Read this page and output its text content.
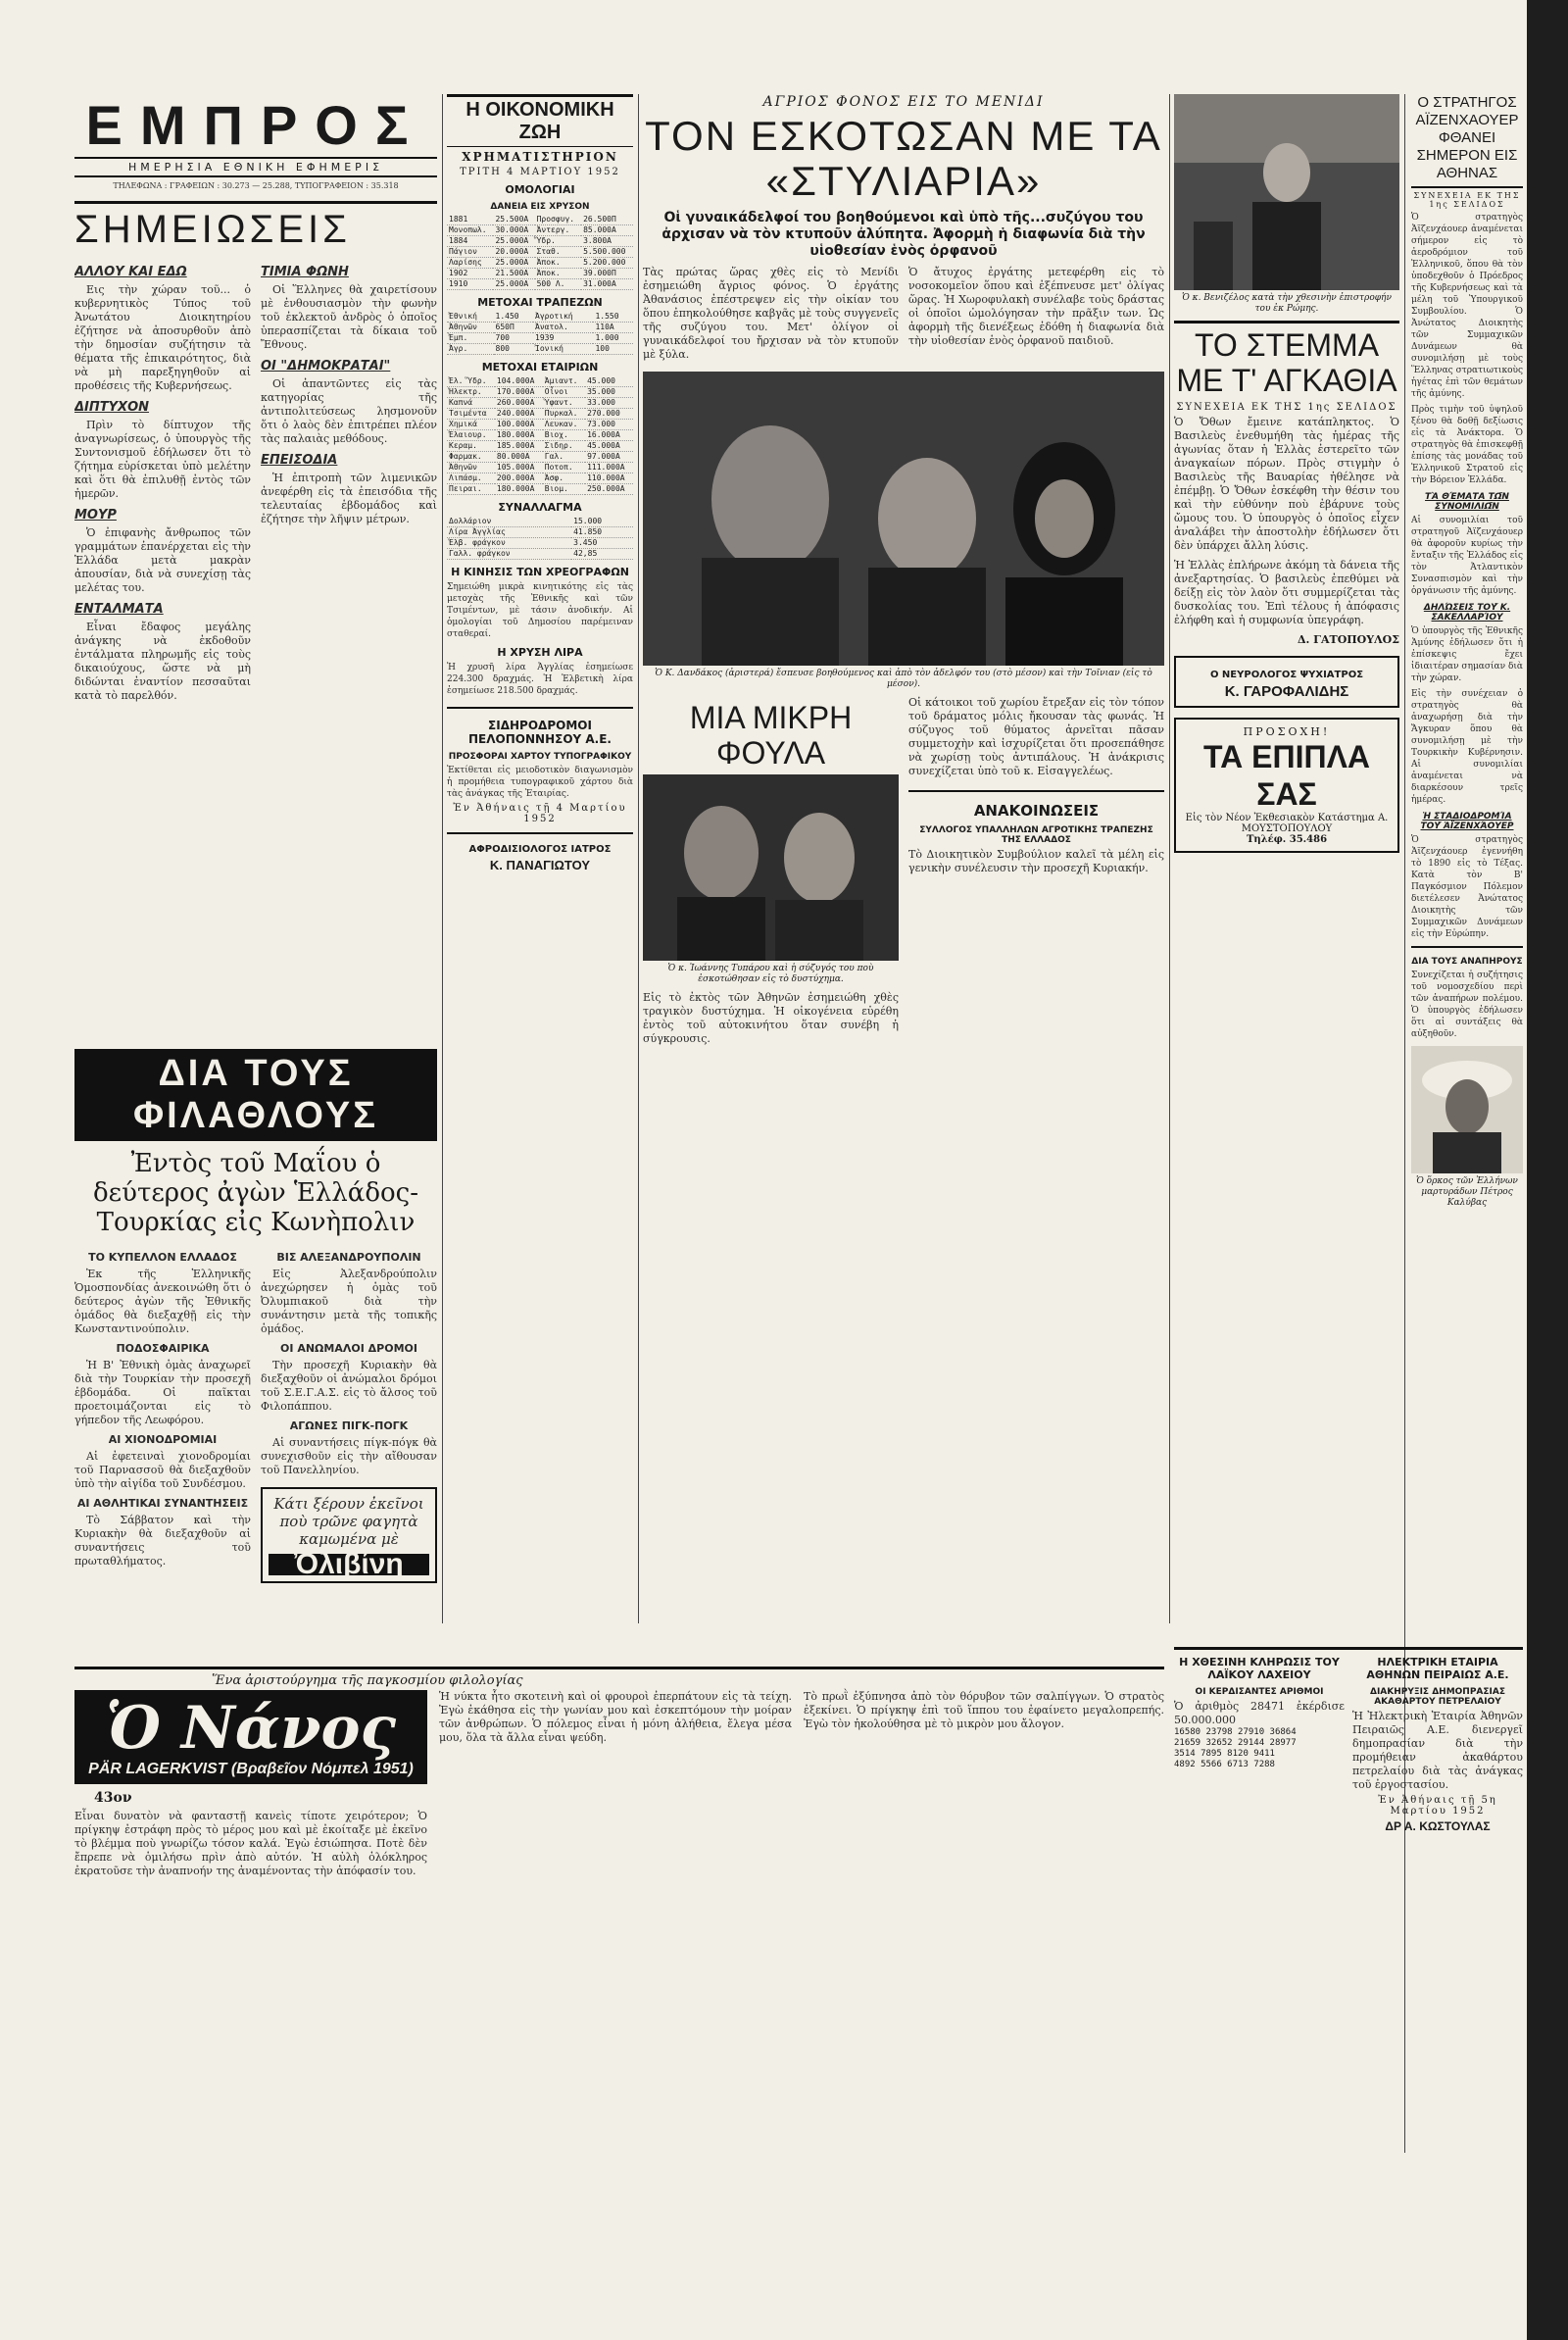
ΕΜΠΡΟΣ
ΗΜΕΡΗΣΙΑ ΕΘΝΙΚΗ ΕΦΗΜΕΡΙΣ
ΤΗΛΕΦΩΝΑ : ΓΡΑΦΕΙΩΝ : 30.273 — 25.288, ΤΥΠΟΓΡΑΦΕΙΟΝ : 35.318
ΣΗΜΕΙΩΣΕΙΣ
ΑΛΛΟΥ ΚΑΙ ΕΔΩ

Εις τὴν χώραν τοῦ... ὁ κυβερνητικὸς Τύπος τοῦ Ἀνωτάτου Διοικητηρίου ἐζήτησε νὰ ἀποσυρθοῦν ἀπὸ τὴν δημοσίαν συζήτησιν τὰ θέματα τῆς ἐπικαιρότητος, διὰ νὰ μὴ παρεξηγηθοῦν αἱ προθέσεις τῆς Κυβερνήσεως.

ΔΙΠΤΥΧΟΝ

Πρὶν τὸ δίπτυχον τῆς ἀναγνωρίσεως, ὁ ὑπουργὸς τῆς Συντονισμοῦ ἐδήλωσεν ὅτι τὸ ζήτημα εὑρίσκεται ὑπὸ μελέτην καὶ ὅτι θὰ ἐπιλυθῇ ἐντὸς τῶν ἡμερῶν.

ΜΟΥΡ

Ὁ ἐπιφανὴς ἄνθρωπος τῶν γραμμάτων ἐπανέρχεται εἰς τὴν Ἑλλάδα μετὰ μακρὰν ἀπουσίαν, διὰ νὰ συνεχίσῃ τὰς μελέτας του.

ΕΝΤΑΛΜΑΤΑ

Εἶναι ἔδαφος μεγάλης ἀνάγκης νὰ ἐκδοθοῦν ἐντάλματα πληρωμῆς εἰς τοὺς δικαιούχους, ὥστε νὰ μὴ διδώνται ἐναντίον πεσσαῦται κατὰ τὸ παρελθόν.

ΤΙΜΙΑ ΦΩΝΗ

Οἱ Ἕλληνες θὰ χαιρετίσουν μὲ ἐνθουσιασμὸν τὴν φωνὴν τοῦ ἐκλεκτοῦ ἀνδρὸς ὁ ὁποῖος ὑπερασπίζεται τὰ δίκαια τοῦ Ἔθνους.

ΟΙ "ΔΗΜΟΚΡΑΤΑΙ"

Οἱ ἀπαντῶντες εἰς τὰς κατηγορίας τῆς ἀντιπολιτεύσεως λησμονοῦν ὅτι ὁ λαὸς δὲν ἐπιτρέπει πλέον τὰς παλαιὰς μεθόδους.

ΕΠΕΙΣΟΔΙΑ

Ἡ ἐπιτροπὴ τῶν λιμενικῶν ἀνεφέρθη εἰς τὰ ἐπεισόδια τῆς τελευταίας ἑβδομάδος καὶ ἐζήτησε τὴν λῆψιν μέτρων.

ΔΙΑ ΤΟΥΣ ΦΙΛΑΘΛΟΥΣ
Ἐντὸς τοῦ Μαΐου ὁ δεύτερος ἀγὼν Ἑλλάδος-Τουρκίας εἰς Κωνὴπολιν
ΤΟ ΚΥΠΕΛΛΟΝ ΕΛΛΑΔΟΣ

Ἐκ τῆς Ἑλληνικῆς Ὁμοσπονδίας ἀνεκοινώθη ὅτι ὁ δεύτερος ἀγὼν τῆς Ἐθνικῆς ὁμάδος θὰ διεξαχθῇ εἰς τὴν Κωνσταντινούπολιν.

ΠΟΔΟΣΦΑΙΡΙΚΑ

Ἡ Β' Ἐθνικὴ ὁμὰς ἀναχωρεῖ διὰ τὴν Τουρκίαν τὴν προσεχῆ ἑβδομάδα. Οἱ παῖκται προετοιμάζονται εἰς τὸ γήπεδον τῆς Λεωφόρου.

ΑΙ ΧΙΟΝΟΔΡΟΜΙΑΙ

Αἱ ἐφετειναὶ χιονοδρομίαι τοῦ Παρνασσοῦ θὰ διεξαχθοῦν ὑπὸ τὴν αἰγίδα τοῦ Συνδέσμου.

ΑΙ ΑΘΛΗΤΙΚΑΙ ΣΥΝΑΝΤΗΣΕΙΣ

Τὸ Σάββατον καὶ τὴν Κυριακὴν θὰ διεξαχθοῦν αἱ συναντήσεις τοῦ πρωταθλήματος.

ΒΙΣ ΑΛΕΞΑΝΔΡΟΥΠΟΛΙΝ

Εἰς Ἀλεξανδρούπολιν ἀνεχώρησεν ἡ ὁμὰς τοῦ Ὀλυμπιακοῦ διὰ τὴν συνάντησιν μετὰ τῆς τοπικῆς ὁμάδος.

ΟΙ ΑΝΩΜΑΛΟΙ ΔΡΟΜΟΙ

Τὴν προσεχῆ Κυριακὴν θὰ διεξαχθοῦν οἱ ἀνώμαλοι δρόμοι τοῦ Σ.Ε.Γ.Α.Σ. εἰς τὸ ἄλσος τοῦ Φιλοπάππου.

ΑΓΩΝΕΣ ΠΙΓΚ-ΠΟΓΚ

Αἱ συναντήσεις πίγκ-πόγκ θὰ συνεχισθοῦν εἰς τὴν αἴθουσαν τοῦ Πανελληνίου.

Κάτι ξέρουν ἐκεῖνοι ποὺ τρῶνε φαγητὰ καμωμένα μὲ
Ὀλιβίνη
Η ΟΙΚΟΝΟΜΙΚΗ ΖΩΗ
ΧΡΗΜΑΤΙΣΤΗΡΙΟΝ
ΤΡΙΤΗ 4 ΜΑΡΤΙΟΥ 1952
ΟΜΟΛΟΓΙΑΙ
ΔΑΝΕΙΑ ΕΙΣ ΧΡΥΣΟΝ
1881	25.500Α	Προσφυγ.	26.500Π
Μονοπωλ.	30.000Α	Ἀντεργ.	85.000Α
1884	25.000Α	Ὕδρ.	3.800Α
Πάγιον	20.000Α	Σταθ.	5.500.000
Λαρίσης	25.000Α	Ἀποκ.	5.200.000
1902	21.500Α	Ἀποκ.	39.000Π
1910	25.000Α	500 Λ.	31.000Α
ΜΕΤΟΧΑΙ ΤΡΑΠΕΖΩΝ
Ἐθνική	1.450	Ἀγροτική	1.550
Ἀθηνῶν	650Π	Ἀνατολ.	110Α
Ἐμπ.	700	1939	1.000
Ἀγρ.	800	Ἰονική	100
ΜΕΤΟΧΑΙ ΕΤΑΙΡΙΩΝ
Ἐλ. Ὕδρ.	104.000Α	Ἀμιαντ.	45.000
Ἡλεκτρ.	170.000Α	Οἶνοι	35.000
Καπνά	260.000Α	Ὑφαντ.	33.000
Τσιμέντα	240.000Α	Πυρκαλ.	270.000
Χημικά	100.000Α	Λευκαν.	73.000
Ἐλαιουρ.	180.000Α	Βιοχ.	16.000Α
Κεραμ.	185.000Α	Σιδηρ.	45.000Α
Φαρμακ.	80.000Α	Γαλ.	97.000Α
Ἀθηνῶν	105.000Α	Ποτοπ.	111.000Α
Λιπάσμ.	200.000Α	Ἀσφ.	110.000Α
Πειραι.	180.000Α	Βιομ.	250.000Α
ΣΥΝΑΛΛΑΓΜΑ
Δολλάριον	15.000
Λίρα Ἀγγλίας	41.850
Ἑλβ. φράγκον	3.450
Γαλλ. φράγκον	42,85
Η ΚΙΝΗΣΙΣ ΤΩΝ ΧΡΕΟΓΡΑΦΩΝ
Σημειώθη μικρὰ κινητικότης εἰς τὰς μετοχὰς τῆς Ἐθνικῆς καὶ τῶν Τσιμέντων, μὲ τάσιν ἀνοδικήν. Αἱ ὁμολογίαι τοῦ Δημοσίου παρέμειναν σταθεραί.
Η ΧΡΥΣΗ ΛΙΡΑ
Ἡ χρυσῆ λίρα Ἀγγλίας ἐσημείωσε 224.300 δραχμάς. Ἡ Ἑλβετικὴ λίρα ἐσημείωσε 218.500 δραχμάς.
ΣΙΔΗΡΟΔΡΟΜΟΙ ΠΕΛΟΠΟΝΝΗΣΟΥ Α.Ε.
ΠΡΟΣΦΟΡΑΙ ΧΑΡΤΟΥ ΤΥΠΟΓΡΑΦΙΚΟΥ
Ἐκτίθεται εἰς μειοδοτικὸν διαγωνισμὸν ἡ προμήθεια τυπογραφικοῦ χάρτου διὰ τὰς ἀνάγκας τῆς Ἑταιρίας.
Ἐν Ἀθήναις τῇ 4 Μαρτίου 1952
ΑΦΡΟΔΙΣΙΟΛΟΓΟΣ ΙΑΤΡΟΣ
Κ. ΠΑΝΑΓΙΩΤΟΥ
ΑΓΡΙΟΣ ΦΟΝΟΣ ΕΙΣ ΤΟ ΜΕΝΙΔΙ
ΤΟΝ ΕΣΚΟΤΩΣΑΝ ΜΕ ΤΑ «ΣΤΥΛΙΑΡΙΑ»
Οἱ γυναικάδελφοί του βοηθούμενοι καὶ ὑπὸ τῆς...συζύγου του ἀρχισαν νὰ τὸν κτυποῦν ἀλύπητα. Ἀφορμὴ ἡ διαφωνία διὰ τὴν υἱοθεσίαν ἑνὸς ὀρφανοῦ
Τὰς πρώτας ὥρας χθὲς εἰς τὸ Μενίδι ἐσημειώθη ἄγριος φόνος. Ὁ ἐργάτης Ἀθανάσιος ἐπέστρεψεν εἰς τὴν οἰκίαν του ὅπου ἐπηκολούθησε καβγᾶς μὲ τοὺς συγγενεῖς τῆς συζύγου του. Μετ' ὀλίγον οἱ γυναικάδελφοί του ἤρχισαν νὰ τὸν κτυποῦν μὲ ξύλα.
Ὁ ἄτυχος ἐργάτης μετεφέρθη εἰς τὸ νοσοκομεῖον ὅπου καὶ ἐξέπνευσε μετ' ὀλίγας ὥρας. Ἡ Χωροφυλακὴ συνέλαβε τοὺς δράστας οἱ ὁποῖοι ὡμολόγησαν τὴν πρᾶξιν των. Ὡς ἀφορμὴ τῆς διενέξεως ἐδόθη ἡ διαφωνία διὰ τὴν υἱοθεσίαν ἑνὸς ὀρφανοῦ παιδιοῦ.
Ὁ Κ. Δανδάκος (ἀριστερά) ἔσπευσε βοηθούμενος καὶ ἀπὸ τὸν ἀδελφόν του (στὸ μέσον) καὶ τὴν Τοῖνιαν (εἰς τὸ μέσον).
ΜΙΑ ΜΙΚΡΗ ΦΟΥΛΑ
Ὁ κ. Ἰωάννης Τυπάρου καὶ ἡ σύζυγός του ποὺ ἐσκοτώθησαν εἰς τὸ δυστύχημα.
Εἰς τὸ ἐκτὸς τῶν Ἀθηνῶν ἐσημειώθη χθὲς τραγικὸν δυστύχημα. Ἡ οἰκογένεια εὑρέθη ἐντὸς τοῦ αὐτοκινήτου ὅταν συνέβη ἡ σύγκρουσις.
Οἱ κάτοικοι τοῦ χωρίου ἔτρεξαν εἰς τὸν τόπον τοῦ δράματος μόλις ἤκουσαν τὰς φωνάς. Ἡ σύζυγος τοῦ θύματος ἀρνεῖται πᾶσαν συμμετοχὴν καὶ ἰσχυρίζεται ὅτι προσεπάθησε νὰ χωρίσῃ τοὺς ἀντιπάλους. Ἡ ἀνάκρισις συνεχίζεται ὑπὸ τοῦ κ. Εἰσαγγελέως.
ΑΝΑΚΟΙΝΩΣΕΙΣ
ΣΥΛΛΟΓΟΣ ΥΠΑΛΛΗΛΩΝ ΑΓΡΟΤΙΚΗΣ ΤΡΑΠΕΖΗΣ ΤΗΣ ΕΛΛΑΔΟΣ
Τὸ Διοικητικὸν Συμβούλιον καλεῖ τὰ μέλη εἰς γενικὴν συνέλευσιν τὴν προσεχῆ Κυριακήν.
Ὁ κ. Βενιζέλος κατὰ τὴν χθεσινὴν ἐπιστροφήν του ἐκ Ρώμης.
ΤΟ ΣΤΕΜΜΑ ΜΕ Τ' ΑΓΚΑΘΙΑ
ΣΥΝΕΧΕΙΑ ΕΚ ΤΗΣ 1ης ΣΕΛΙΔΟΣ
Ὁ Ὄθων ἔμεινε κατάπληκτος. Ὁ Βασιλεὺς ἐνεθυμήθη τὰς ἡμέρας τῆς ἀγωνίας ὅταν ἡ Ἑλλὰς ἐστερεῖτο τῶν ἀναγκαίων πόρων. Πρὸς στιγμὴν ὁ Βασιλεὺς τῆς Βαυαρίας ἠθέλησε νὰ ἐπέμβῃ. Ὁ Ὄθων ἐσκέφθη τὴν θέσιν του καὶ τὴν εὐθύνην ποὺ ἐβάρυνε τοὺς ὤμους του. Ὁ ὑπουργὸς ὁ ὁποῖος εἶχεν ἀναλάβει τὴν ἀποστολὴν ἐδήλωσεν ὅτι δὲν ὑπάρχει ἄλλη λύσις.
Ἡ Ἑλλὰς ἐπλήρωνε ἀκόμη τὰ δάνεια τῆς ἀνεξαρτησίας. Ὁ βασιλεὺς ἐπεθύμει νὰ δείξῃ εἰς τὸν λαὸν ὅτι συμμερίζεται τὰς δυσκολίας του. Ἐπὶ τέλους ἡ ἀπόφασις ἐλήφθη καὶ ἡ συμφωνία ὑπεγράφη.
Δ. ΓΑΤΟΠΟΥΛΟΣ
Ο ΝΕΥΡΟΛΟΓΟΣ ΨΥΧΙΑΤΡΟΣ
Κ. ΓΑΡΟΦΑΛΙΔΗΣ
ΠΡΟΣΟΧΗ!
ΤΑ ΕΠΙΠΛΑ ΣΑΣ
Εἰς τὸν Νέον Ἐκθεσιακὸν Κατάστημα Α. ΜΟΥΣΤΟΠΟΥΛΟΥ
Τηλέφ. 35.486
Ἕνα ἀριστούργημα τῆς παγκοσμίου φιλολογίας
Ὁ Νάνος
PÄR LAGERKVIST (Βραβεῖον Νόμπελ 1951)
43ον
Εἶναι δυνατὸν νὰ φανταστῇ κανεὶς τίποτε χειρότερον; Ὁ πρίγκηψ ἐστράφη πρὸς τὸ μέρος μου καὶ μὲ ἐκοίταξε μὲ ἐκεῖνο τὸ βλέμμα ποὺ γνωρίζω τόσον καλά. Ἐγὼ ἐσιώπησα. Ποτὲ δὲν ἔπρεπε νὰ ὁμιλήσω πρὶν ἀπὸ αὐτόν. Ἡ αὐλὴ ὁλόκληρος ἐκρατοῦσε τὴν ἀναπνοήν της ἀναμένοντας τὴν ἀπόφασίν του.
Ἡ νύκτα ἦτο σκοτεινὴ καὶ οἱ φρουροὶ ἐπερπάτουν εἰς τὰ τείχη. Ἐγὼ ἐκάθησα εἰς τὴν γωνίαν μου καὶ ἐσκεπτόμουν τὴν μοίραν τῶν ἀνθρώπων. Ὁ πόλεμος εἶναι ἡ μόνη ἀλήθεια, ἔλεγα μέσα μου, ὅλα τὰ ἄλλα εἶναι ψεύδη.
Τὸ πρωῒ ἐξύπνησα ἀπὸ τὸν θόρυβον τῶν σαλπίγγων. Ὁ στρατὸς ἐξεκίνει. Ὁ πρίγκηψ ἐπὶ τοῦ ἵππου του ἐφαίνετο μεγαλοπρεπής. Ἐγὼ τὸν ἠκολούθησα μὲ τὸ μικρὸν μου ἄλογον.
Η ΧΘΕΣΙΝΗ ΚΛΗΡΩΣΙΣ ΤΟΥ ΛΑΪΚΟΥ ΛΑΧΕΙΟΥ
ΟΙ ΚΕΡΔΙΣΑΝΤΕΣ ΑΡΙΘΜΟΙ
Ὁ ἀριθμὸς 28471 ἐκέρδισε 50.000.000
16580 23798 27910 36864
21659 32652 29144 28977
3514 7895 8120 9411
4892 5566 6713 7288
ΗΛΕΚΤΡΙΚΗ ΕΤΑΙΡΙΑ ΑΘΗΝΩΝ ΠΕΙΡΑΙΩΣ Α.Ε.
ΔΙΑΚΗΡΥΞΙΣ ΔΗΜΟΠΡΑΣΙΑΣ ΑΚΑΘΑΡΤΟΥ ΠΕΤΡΕΛΑΙΟΥ
Ἡ Ἠλεκτρικὴ Ἑταιρία Ἀθηνῶν Πειραιῶς Α.Ε. διενεργεῖ δημοπρασίαν διὰ τὴν προμήθειαν ἀκαθάρτου πετρελαίου διὰ τὰς ἀνάγκας τοῦ ἐργοστασίου.
Ἐν Ἀθήναις τῇ 5η Μαρτίου 1952
ΔΡ Α. ΚΩΣΤΟΥΛΑΣ
Ο ΣΤΡΑΤΗΓΟΣ ΑΪΖΕΝΧΑΟΥΕΡ ΦΘΑΝΕΙ ΣΗΜΕΡΟΝ ΕΙΣ ΑΘΗΝΑΣ
ΣΥΝΕΧΕΙΑ ΕΚ ΤΗΣ 1ης ΣΕΛΙΔΟΣ
Ὁ στρατηγὸς Ἀϊζενχάουερ ἀναμένεται σήμερον εἰς τὸ ἀεροδρόμιον τοῦ Ἑλληνικοῦ, ὅπου θὰ τὸν ὑποδεχθοῦν ὁ Πρόεδρος τῆς Κυβερνήσεως καὶ τὰ μέλη τοῦ Ὑπουργικοῦ Συμβουλίου. Ὁ Ἀνώτατος Διοικητὴς τῶν Συμμαχικῶν Δυνάμεων θὰ συνομιλήσῃ μὲ τοὺς Ἕλληνας στρατιωτικοὺς ἡγέτας ἐπὶ τῶν θεμάτων τῆς ἀμύνης.
Πρὸς τιμὴν τοῦ ὑψηλοῦ ξένου θὰ δοθῇ δεξίωσις εἰς τὰ Ἀνάκτορα. Ὁ στρατηγὸς θὰ ἐπισκεφθῇ ἐπίσης τὰς μονάδας τοῦ Ἑλληνικοῦ Στρατοῦ εἰς τὴν Βόρειον Ἑλλάδα.
ΤᾺ ΘΈΜΑΤΑ ΤΩ͂Ν ΣΥΝΟΜΙΛΙΩ͂Ν
Αἱ συνομιλίαι τοῦ στρατηγοῦ Ἀϊζενχάουερ θὰ ἀφοροῦν κυρίως τὴν ἔνταξιν τῆς Ἑλλάδος εἰς τὸν Ἀτλαντικὸν Συνασπισμὸν καὶ τὴν ὀργάνωσιν τῆς ἀμύνης.
ΔΗΛΏΣΕΙΣ ΤΟΥ͂ Κ. ΣΑΚΕΛΛΑΡΊΟΥ
Ὁ ὑπουργὸς τῆς Ἐθνικῆς Ἀμύνης ἐδήλωσεν ὅτι ἡ ἐπίσκεψις ἔχει ἰδιαιτέραν σημασίαν διὰ τὴν χώραν.
Εἰς τὴν συνέχειαν ὁ στρατηγὸς θὰ ἀναχωρήσῃ διὰ τὴν Ἄγκυραν ὅπου θὰ συνομιλήσῃ μὲ τὴν Τουρκικὴν Κυβέρνησιν. Αἱ συνομιλίαι ἀναμένεται νὰ διαρκέσουν τρεῖς ἡμέρας.
Ἡ ΣΤΑΔΙΟΔΡΟΜΊΑ ΤΟΥ͂ ἈΪΖΕΝΧΆΟΥΕΡ
Ὁ στρατηγὸς Ἀϊζενχάουερ ἐγεννήθη τὸ 1890 εἰς τὸ Τέξας. Κατὰ τὸν Β' Παγκόσμιον Πόλεμον διετέλεσεν Ἀνώτατος Διοικητὴς τῶν Συμμαχικῶν Δυνάμεων εἰς τὴν Εὐρώπην.
ΔΙΑ ΤΟΥΣ ΑΝΑΠΗΡΟΥΣ
Συνεχίζεται ἡ συζήτησις τοῦ νομοσχεδίου περὶ τῶν ἀναπήρων πολέμου. Ὁ ὑπουργὸς ἐδήλωσεν ὅτι αἱ συντάξεις θὰ αὐξηθοῦν.
Ὁ ὅρκος τῶν Ἑλλήνων μαρτυράδων Πέτρος Καλύβας
